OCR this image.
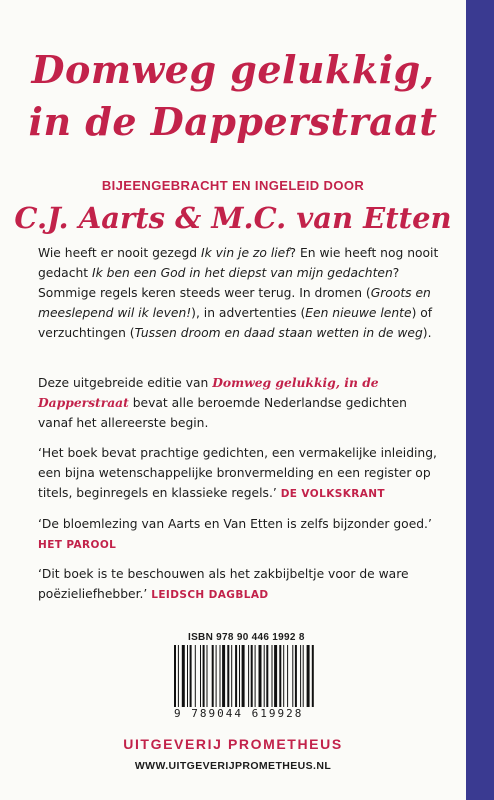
Domweg gelukkig,
in de Dapperstraat
BIJEENGEBRACHT EN INGELEID DOOR
C.J. Aarts & M.C. van Etten

Wie heeft er nooit gezegd Ik vin je zo lief? En wie heeft nog nooit gedacht Ik ben een God in het diepst van mijn gedachten? Sommige regels keren steeds weer terug. In dromen (Groots en meeslepend wil ik leven!), in advertenties (Een nieuwe lente) of verzuchtingen (Tussen droom en daad staan wetten in de weg).

Deze uitgebreide editie van Domweg gelukkig, in de Dapperstraat bevat alle beroemde Nederlandse gedichten vanaf het allereerste begin.

‘Het boek bevat prachtige gedichten, een vermakelijke inleiding, een bijna wetenschappelijke bronvermelding en een register op titels, beginregels en klassieke regels.’ DE VOLKSKRANT

‘De bloemlezing van Aarts en Van Etten is zelfs bijzonder goed.’
HET PAROOL

‘Dit boek is te beschouwen als het zakbijbeltje voor de ware poëzieliefhebber.’ LEIDSCH DAGBLAD

ISBN 978 90 446 1992 8
9 789044 619928
UITGEVERIJ PROMETHEUS
WWW.UITGEVERIJPROMETHEUS.NL
